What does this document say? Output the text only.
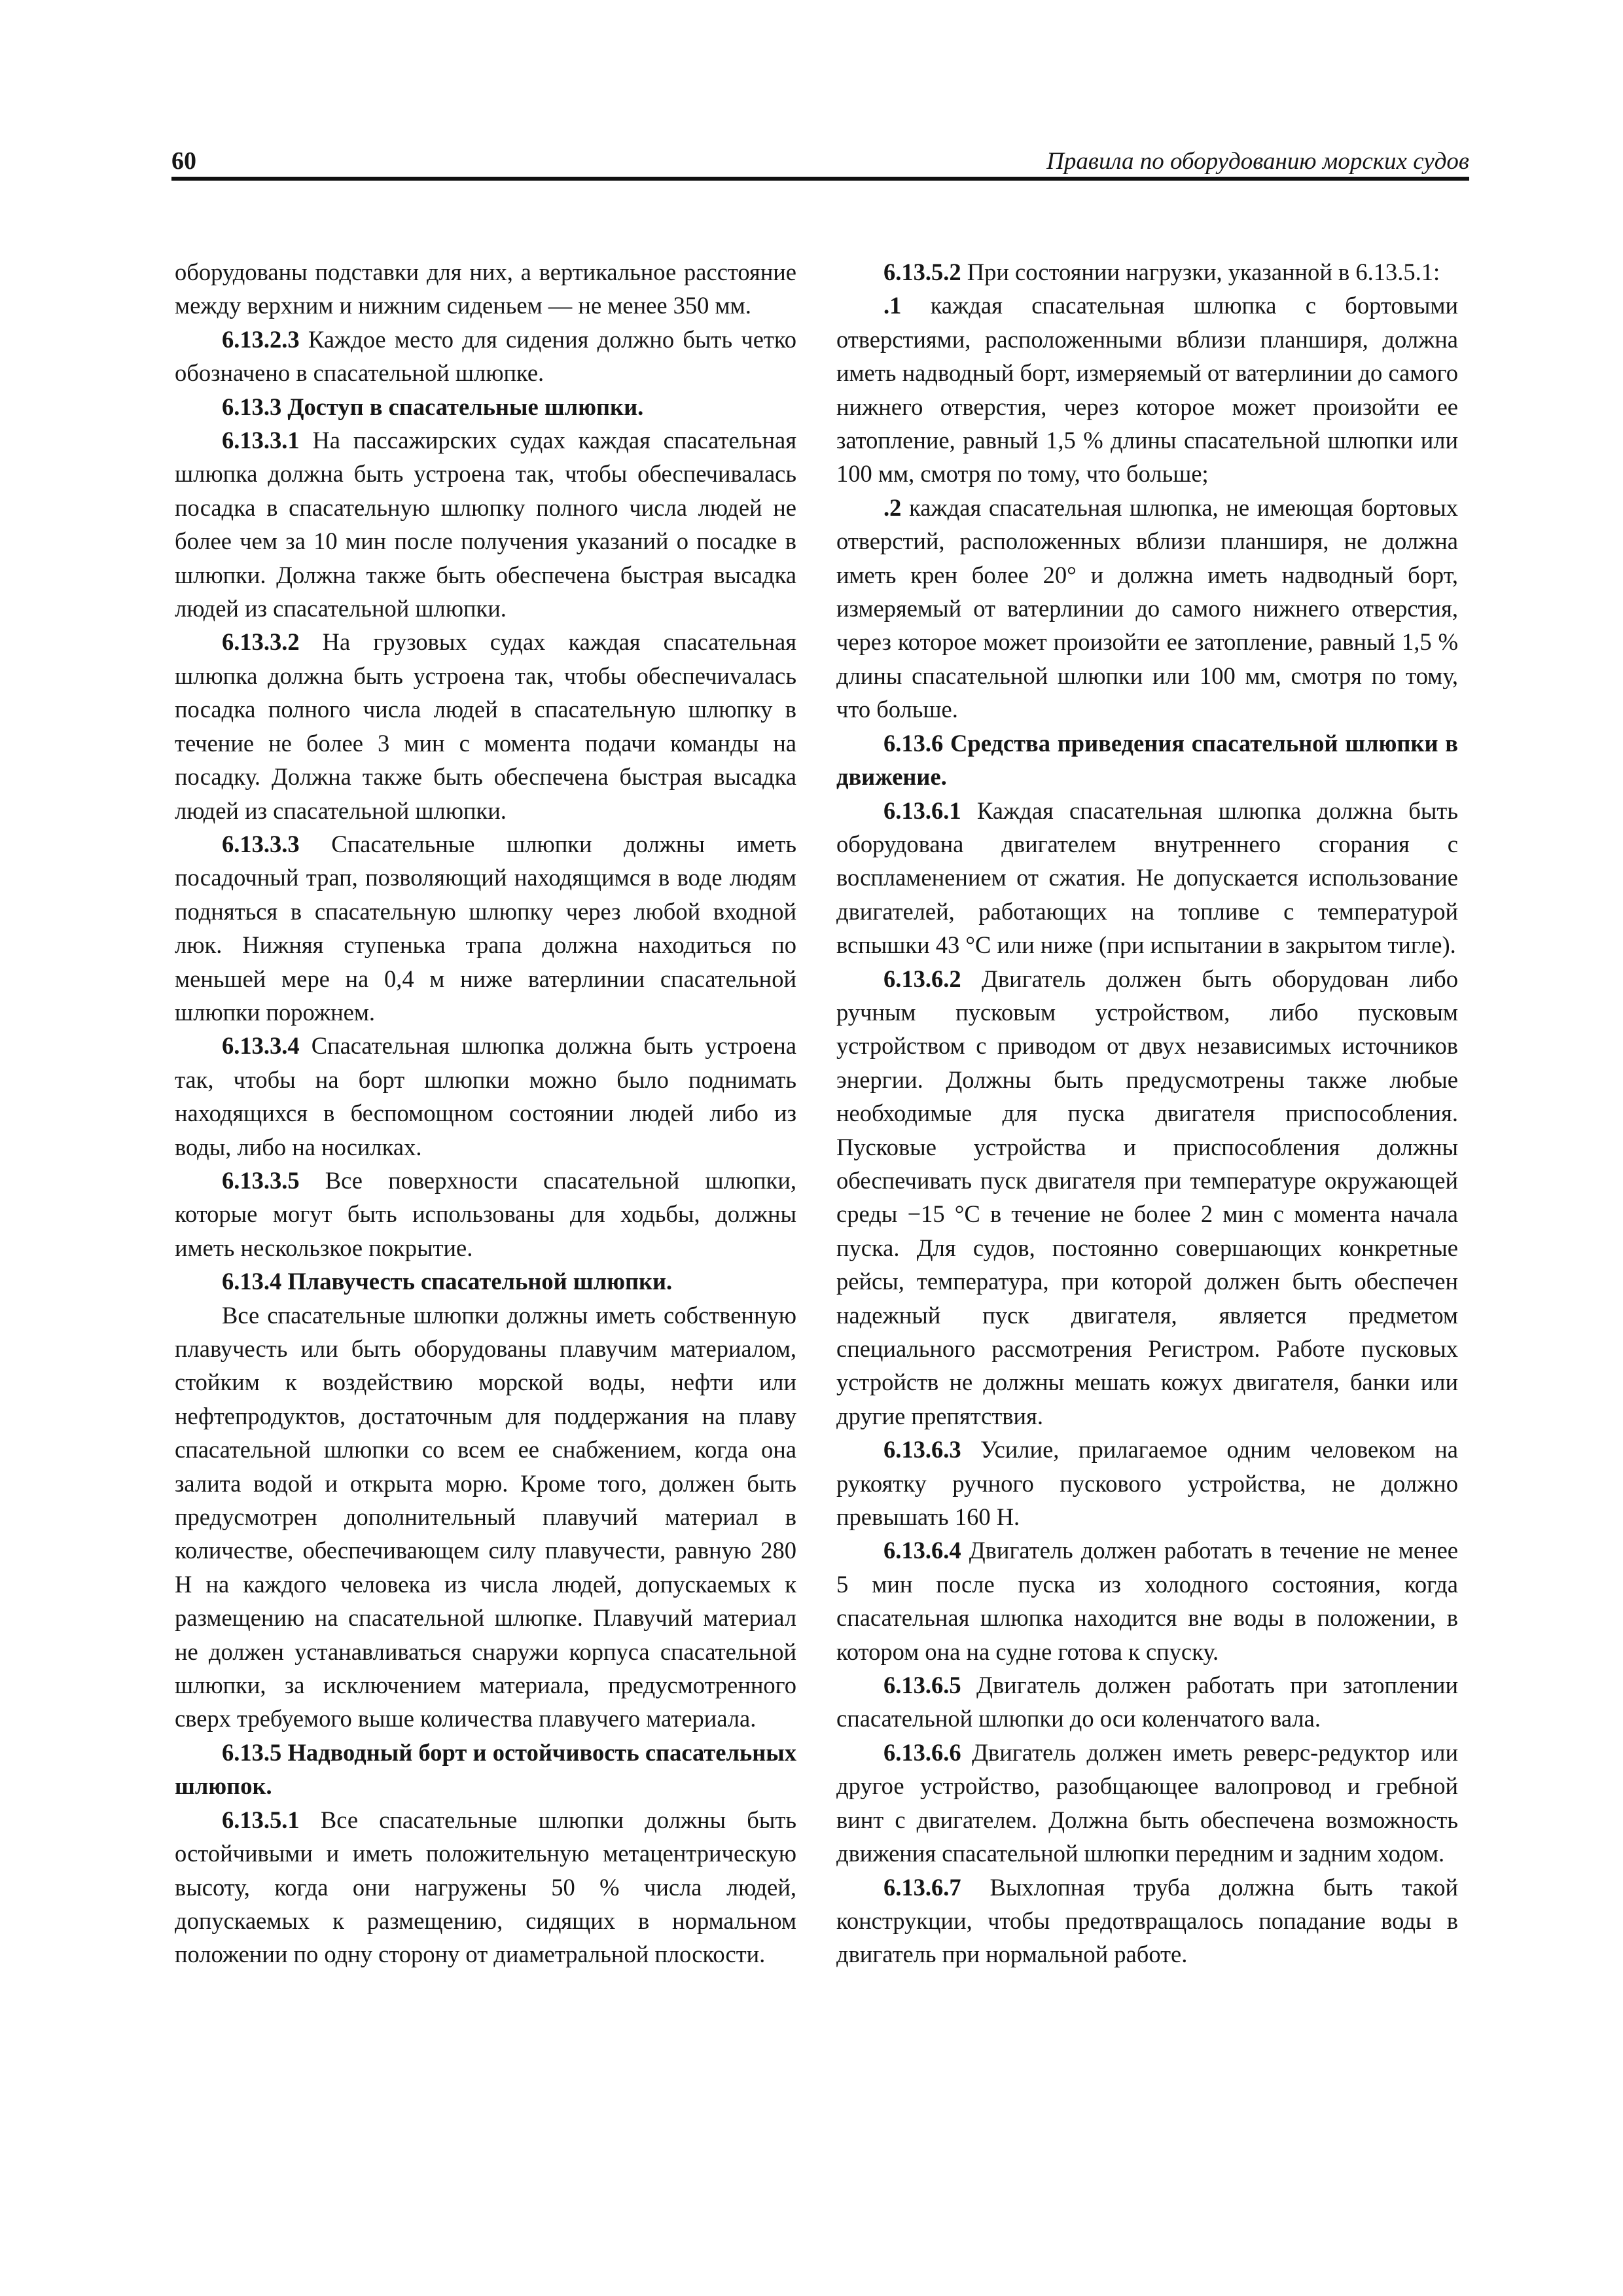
60	Правила по оборудованию морских судов

оборудованы подставки для них, а вертикальное расстояние между верхним и нижним сиденьем — не менее 350 мм.

6.13.2.3 Каждое место для сидения должно быть четко обозначено в спасательной шлюпке.

6.13.3 Доступ в спасательные шлюпки.

6.13.3.1 На пассажирских судах каждая спасательная шлюпка должна быть устроена так, чтобы обеспечивалась посадка в спасательную шлюпку полного числа людей не более чем за 10 мин после получения указаний о посадке в шлюпки. Должна также быть обеспечена быстрая высадка людей из спасательной шлюпки.

6.13.3.2 На грузовых судах каждая спасательная шлюпка должна быть устроена так, чтобы обеспечиvалась посадка полного числа людей в спасательную шлюпку в течение не более 3 мин с момента подачи команды на посадку. Должна также быть обеспечена быстрая высадка людей из спасательной шлюпки.

6.13.3.3 Спасательные шлюпки должны иметь посадочный трап, позволяющий находящимся в воде людям подняться в спасательную шлюпку через любой входной люк. Нижняя ступенька трапа должна находиться по меньшей мере на 0,4 м ниже ватерлинии спасательной шлюпки порожнем.

6.13.3.4 Спасательная шлюпка должна быть устроена так, чтобы на борт шлюпки можно было поднимать находящихся в беспомощном состоянии людей либо из воды, либо на носилках.

6.13.3.5 Все поверхности спасательной шлюпки, которые могут быть использованы для ходьбы, должны иметь нескользкое покрытие.

6.13.4 Плавучесть спасательной шлюпки.

Все спасательные шлюпки должны иметь собственную плавучесть или быть оборудованы плавучим материалом, стойким к воздействию морской воды, нефти или нефтепродуктов, достаточным для поддержания на плаву спасательной шлюпки со всем ее снабжением, когда она залита водой и открыта морю. Кроме того, должен быть предусмотрен дополнительный плавучий материал в количестве, обеспечивающем силу плавучести, равную 280 Н на каждого человека из числа людей, допускаемых к размещению на спасательной шлюпке. Плавучий материал не должен устанавливаться снаружи корпуса спасательной шлюпки, за исключением материала, предусмотренного сверх требуемого выше количества плавучего материала.

6.13.5 Надводный борт и остойчивость спасательных шлюпок.

6.13.5.1 Все спасательные шлюпки должны быть остойчивыми и иметь положительную метацентрическую высоту, когда они нагружены 50 % числа людей, допускаемых к размещению, сидящих в нормальном положении по одну сторону от диаметральной плоскости.

6.13.5.2 При состоянии нагрузки, указанной в 6.13.5.1:

.1 каждая спасательная шлюпка с бортовыми отверстиями, расположенными вблизи планширя, должна иметь надводный борт, измеряемый от ватерлинии до самого нижнего отверстия, через которое может произойти ее затопление, равный 1,5 % длины спасательной шлюпки или 100 мм, смотря по тому, что больше;

.2 каждая спасательная шлюпка, не имеющая бортовых отверстий, расположенных вблизи планширя, не должна иметь крен более 20° и должна иметь надводный борт, измеряемый от ватерлинии до самого нижнего отверстия, через которое может произойти ее затопление, равный 1,5 % длины спасательной шлюпки или 100 мм, смотря по тому, что больше.

6.13.6 Средства приведения спасательной шлюпки в движение.

6.13.6.1 Каждая спасательная шлюпка должна быть оборудована двигателем внутреннего сгорания с воспламенением от сжатия. Не допускается использование двигателей, работающих на топливе с температурой вспышки 43 °С или ниже (при испытании в закрытом тигле).

6.13.6.2 Двигатель должен быть оборудован либо ручным пусковым устройством, либо пусковым устройством с приводом от двух независимых источников энергии. Должны быть предусмотрены также любые необходимые для пуска двигателя приспособления. Пусковые устройства и приспособления должны обеспечивать пуск двигателя при температуре окружающей среды −15 °С в течение не более 2 мин с момента начала пуска. Для судов, постоянно совершающих конкретные рейсы, температура, при которой должен быть обеспечен надежный пуск двигателя, является предметом специального рассмотрения Регистром. Работе пусковых устройств не должны мешать кожух двигателя, банки или другие препятствия.

6.13.6.3 Усилие, прилагаемое одним человеком на рукоятку ручного пускового устройства, не должно превышать 160 Н.

6.13.6.4 Двигатель должен работать в течение не менее 5 мин после пуска из холодного состояния, когда спасательная шлюпка находится вне воды в положении, в котором она на судне готова к спуску.

6.13.6.5 Двигатель должен работать при затоплении спасательной шлюпки до оси коленчатого вала.

6.13.6.6 Двигатель должен иметь реверс-редуктор или другое устройство, разобщающее валопровод и гребной винт с двигателем. Должна быть обеспечена возможность движения спасательной шлюпки передним и задним ходом.

6.13.6.7 Выхлопная труба должна быть такой конструкции, чтобы предотвращалось попадание воды в двигатель при нормальной работе.
